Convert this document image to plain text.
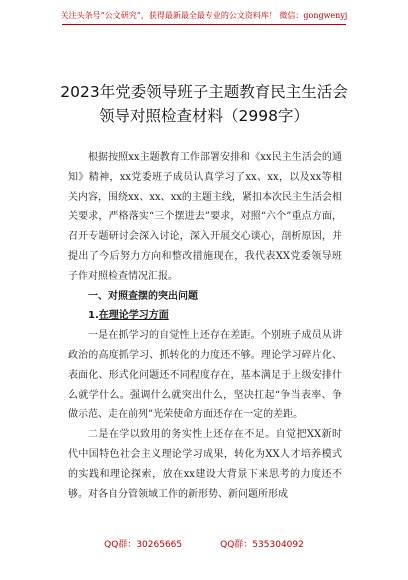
关注头条号“公文研究”，获得最新最全最专业的公文资料库！ 微信：gongwenyj
2023年党委领导班子主题教育民主生活会
领导对照检查材料（2998字）

根据按照xx主题教育工作部署安排和《xx民主生活会的通知》精神，xx党委班子成员认真学习了xx、xx，以及xx等相关内容，围绕xx、xx、xx的主题主线，紧扣本次民主生活会相关要求，严格落实“三个摆进去”要求，对照“六个”重点方面，召开专题研讨会深入讨论，深入开展交心谈心，剖析原因，并提出了今后努力方向和整改措施现在，我代表XX党委领导班子作对照检查情况汇报。

一、对照查摆的突出问题

1.在理论学习方面

一是在抓学习的自觉性上还存在差距。个别班子成员从讲政治的高度抓学习、抓转化的力度还不够。理论学习碎片化、表面化、形式化问题还不同程度存在，基本满足于上级安排什么就学什么。强调什么就突出什么，坚决扛起“争当表率、争做示范、走在前列”光荣使命方面还存在一定的差距。

二是在学以致用的务实性上还存在不足。自觉把XX新时代中国特色社会主义理论学习成果，转化为XX人才培养模式的实践和理论探索，放在xx建设大背景下来思考的力度还不够。对各自分管领域工作的新形势、新问题所形成

QQ群：30265665	QQ群：535304092
